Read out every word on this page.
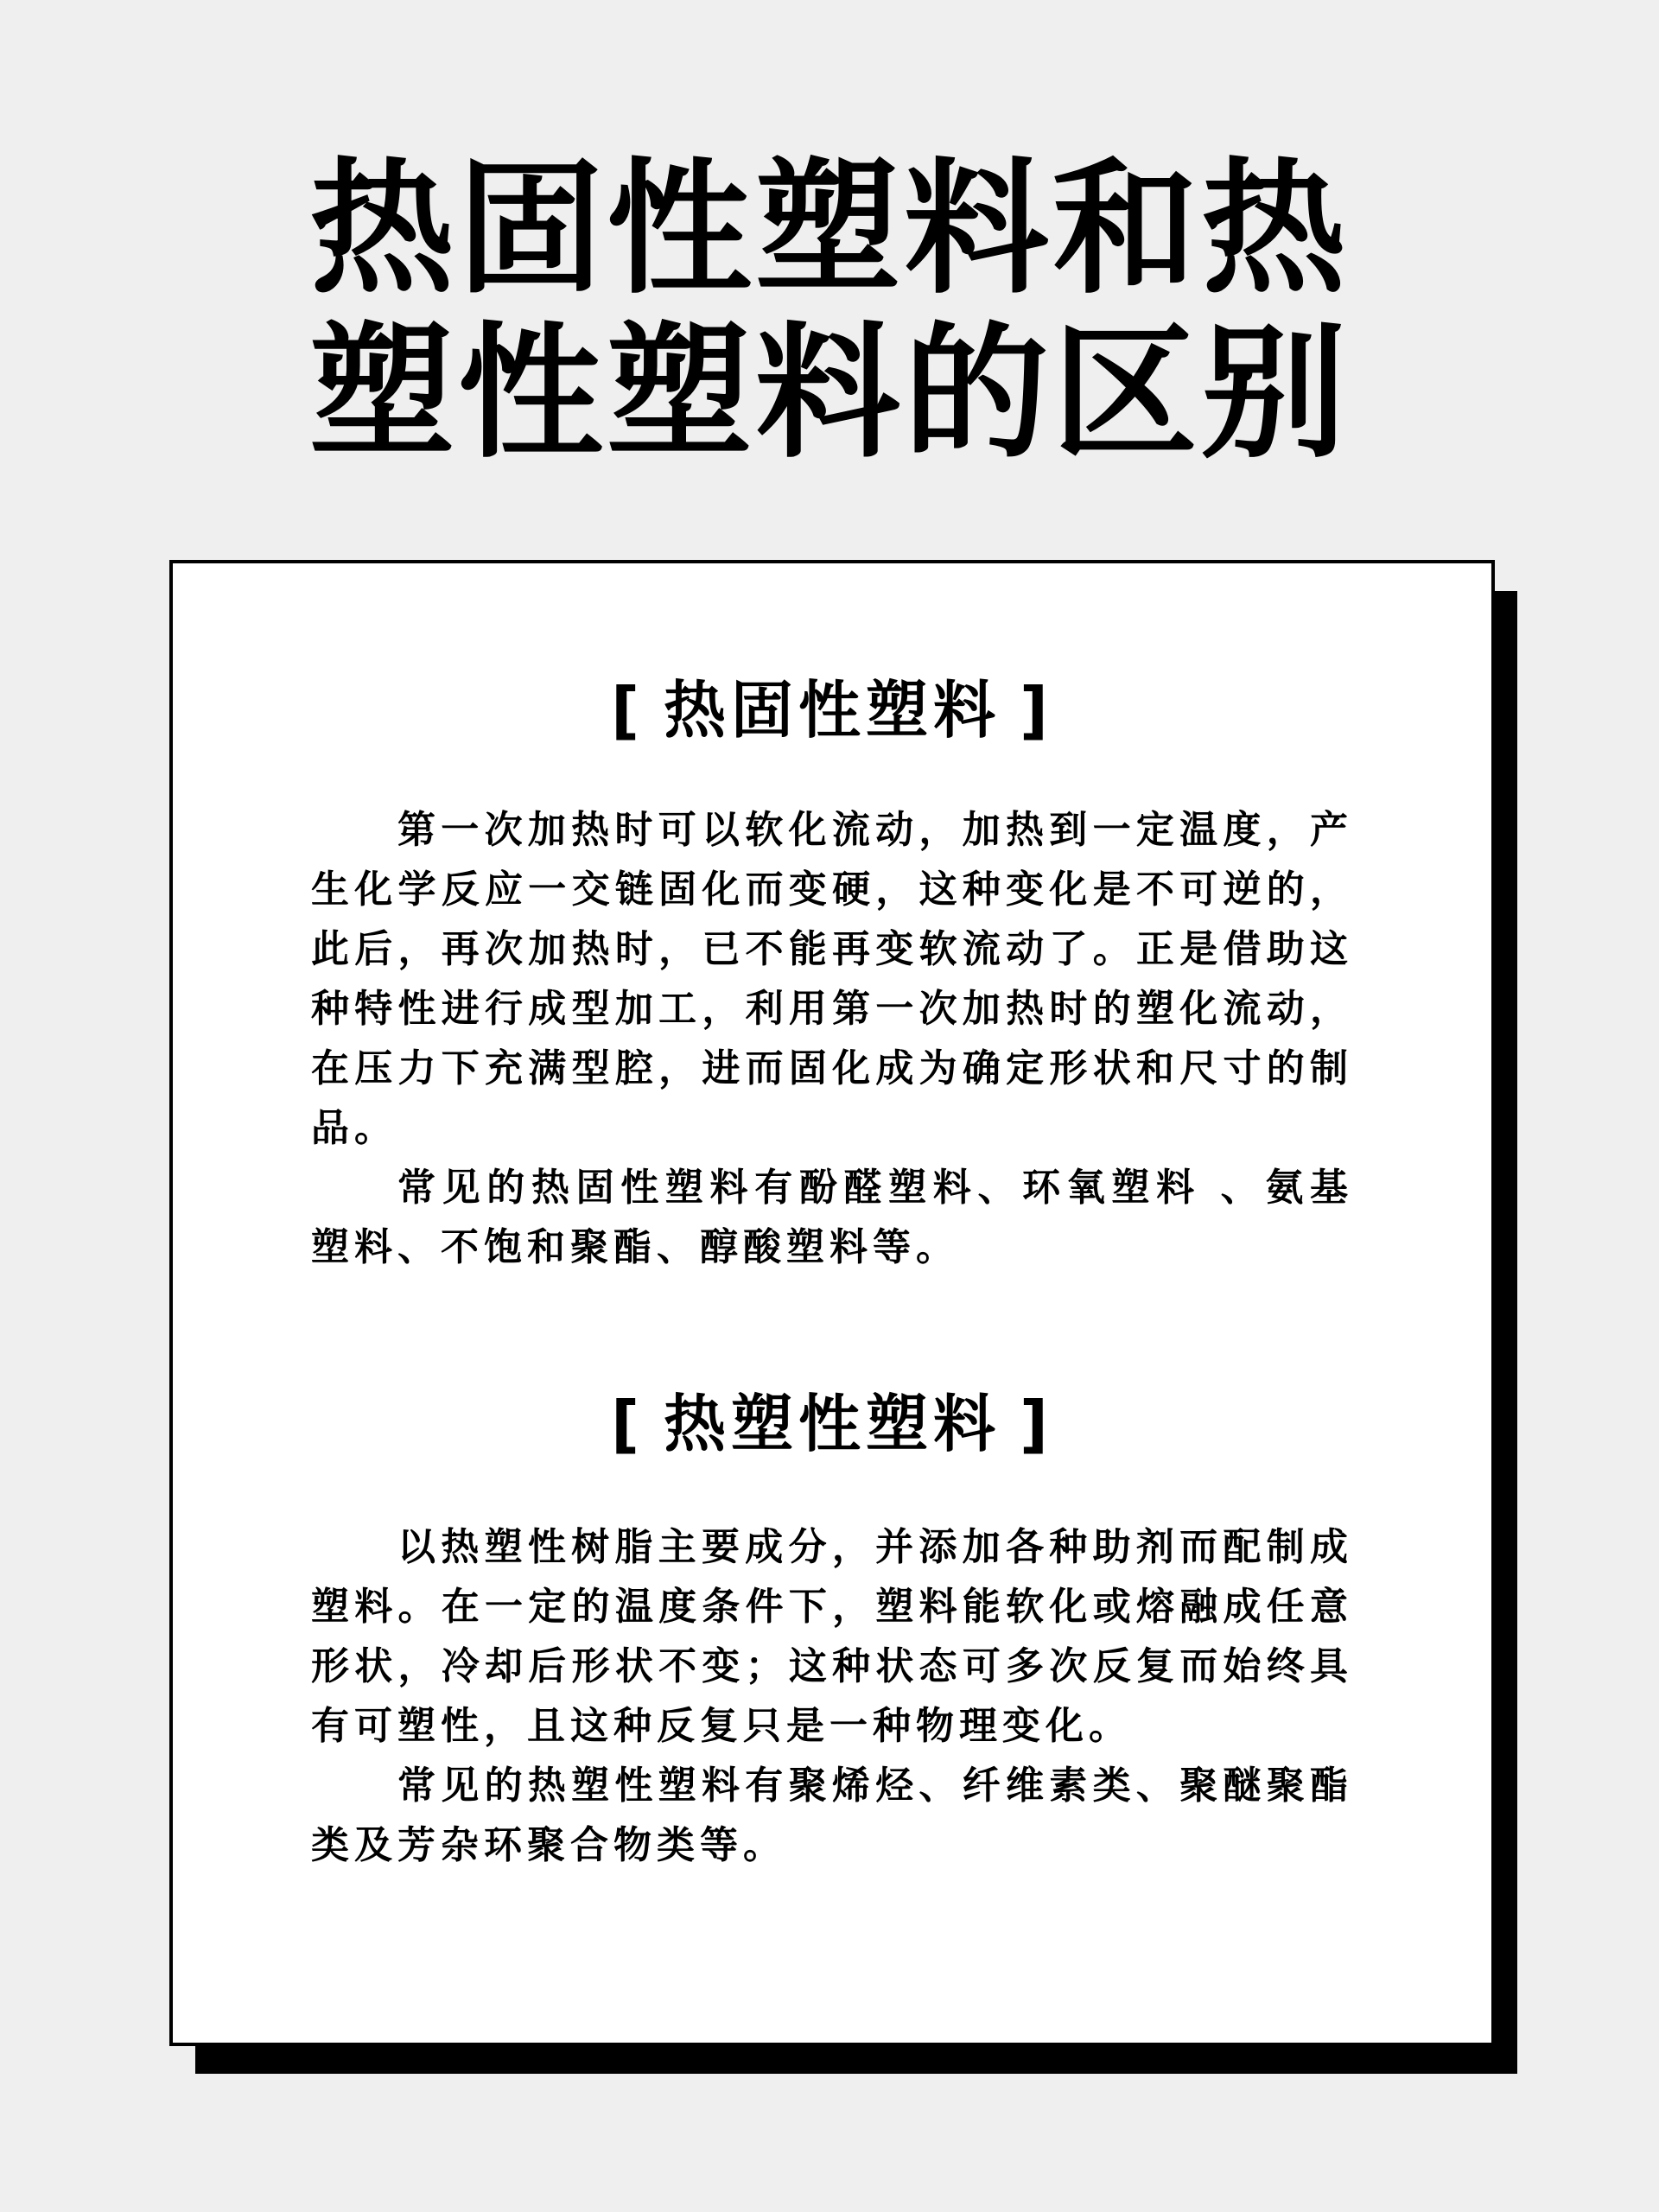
热固性塑料和热
塑性塑料的区别
[ 热固性塑料 ]

第一次加热时可以软化流动，加热到一定温度，产生化学反应一交链固化而变硬，这种变化是不可逆的，此后，再次加热时，已不能再变软流动了。正是借助这种特性进行成型加工，利用第一次加热时的塑化流动，在压力下充满型腔，进而固化成为确定形状和尺寸的制品。

常见的热固性塑料有酚醛塑料、环氧塑料 、氨基塑料、不饱和聚酯、醇酸塑料等。

[ 热塑性塑料 ]

以热塑性树脂主要成分，并添加各种助剂而配制成塑料。在一定的温度条件下，塑料能软化或熔融成任意形状，冷却后形状不变；这种状态可多次反复而始终具有可塑性，且这种反复只是一种物理变化。

常见的热塑性塑料有聚烯烃、纤维素类、聚醚聚酯类及芳杂环聚合物类等。
